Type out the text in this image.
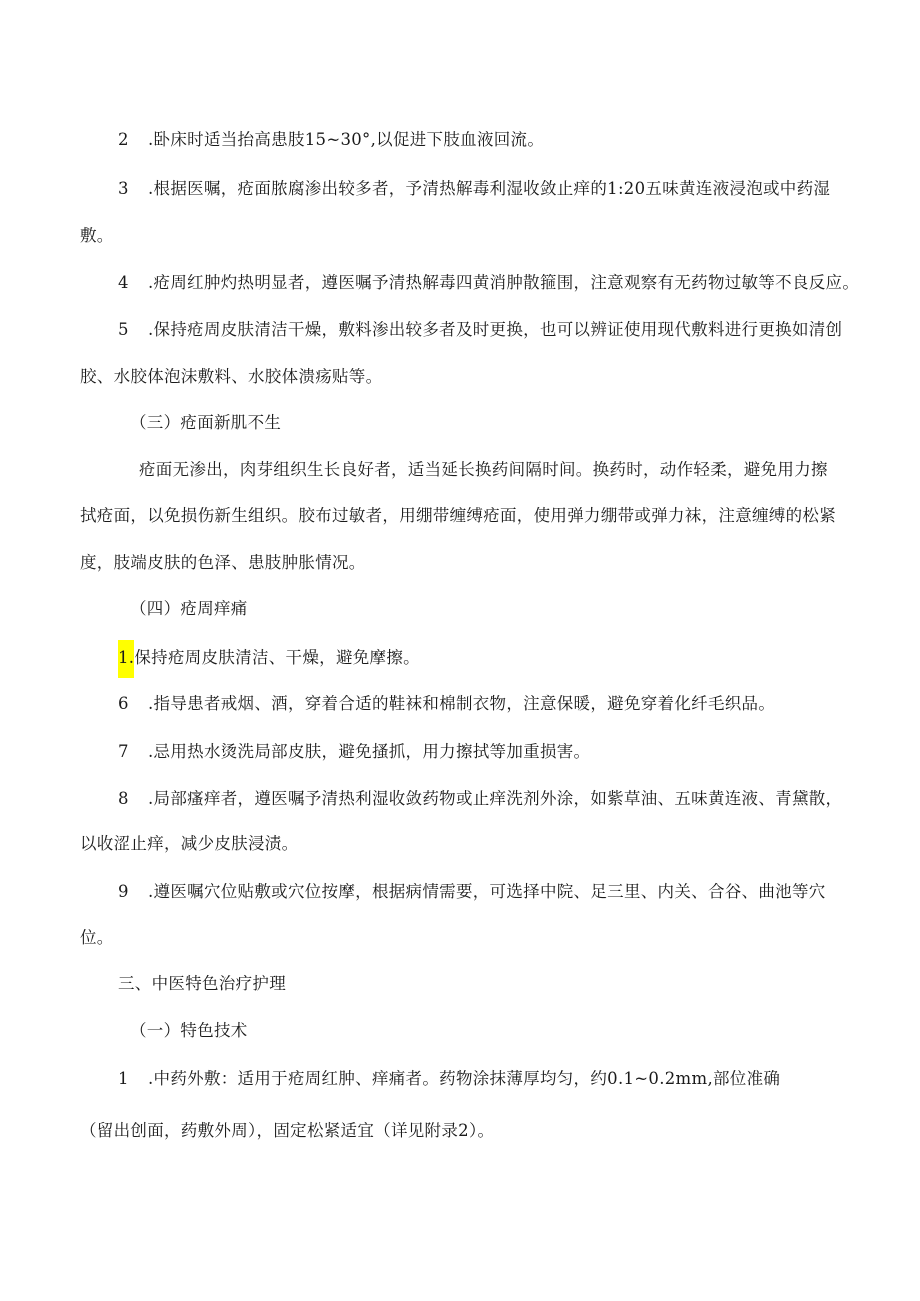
2 .卧床时适当抬高患肢15~30°,以促进下肢血液回流。
3 .根据医嘱，疮面脓腐渗出较多者，予清热解毒利湿收敛止痒的1:20五味黄连液浸泡或中药湿
敷。
4 .疮周红肿灼热明显者，遵医嘱予清热解毒四黄消肿散箍围，注意观察有无药物过敏等不良反应。
5 .保持疮周皮肤清洁干燥，敷料渗出较多者及时更换，也可以辨证使用现代敷料进行更换如清创
胶、水胶体泡沫敷料、水胶体溃疡贴等。
（三）疮面新肌不生
疮面无渗出，肉芽组织生长良好者，适当延长换药间隔时间。换药时，动作轻柔，避免用力擦
拭疮面，以免损伤新生组织。胶布过敏者，用绷带缠缚疮面，使用弹力绷带或弹力袜，注意缠缚的松紧
度，肢端皮肤的色泽、患肢肿胀情况。
（四）疮周痒痛
1.保持疮周皮肤清洁、干燥，避免摩擦。
6 .指导患者戒烟、酒，穿着合适的鞋袜和棉制衣物，注意保暖，避免穿着化纤毛织品。
7 .忌用热水烫洗局部皮肤，避免搔抓，用力擦拭等加重损害。
8 .局部瘙痒者，遵医嘱予清热利湿收敛药物或止痒洗剂外涂，如紫草油、五味黄连液、青黛散，
以收涩止痒，减少皮肤浸渍。
9 .遵医嘱穴位贴敷或穴位按摩，根据病情需要，可选择中院、足三里、内关、合谷、曲池等穴
位。
三、中医特色治疗护理
（一）特色技术
1 .中药外敷：适用于疮周红肿、痒痛者。药物涂抹薄厚均匀，约0.1~0.2mm,部位准确
（留出创面，药敷外周），固定松紧适宜（详见附录2）。
